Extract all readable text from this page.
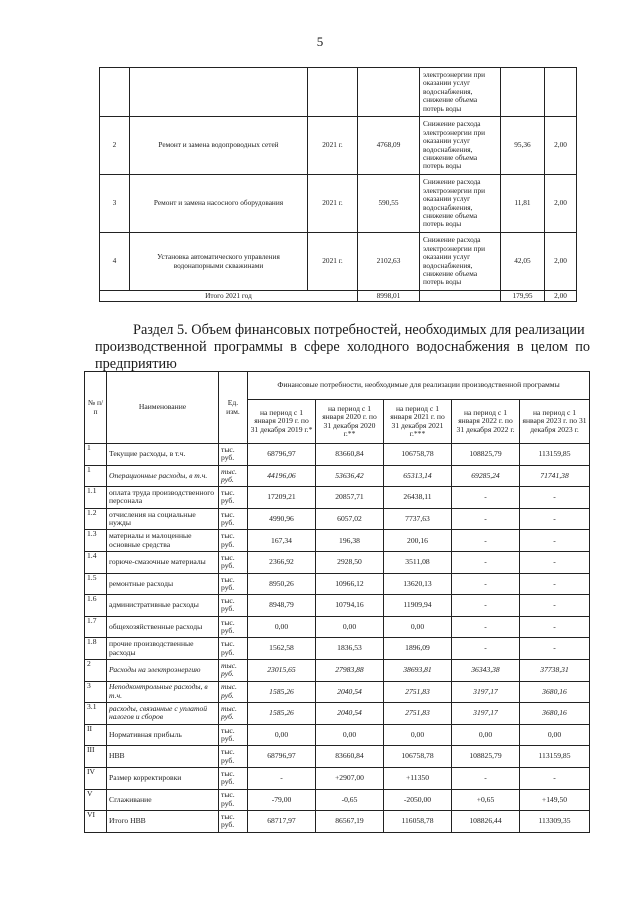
5
				электроэнергии при оказании услуг водоснабжения, снижение объема потерь воды		
2	Ремонт и замена водопроводных сетей	2021 г.	4768,09	Снижение расхода электроэнергии при оказании услуг водоснабжения, снижение объема потерь воды	95,36	2,00
3	Ремонт и замена насосного оборудования	2021 г.	590,55	Снижение расхода электроэнергии при оказании услуг водоснабжения, снижение объема потерь воды	11,81	2,00
4	Установка автоматического управления водонапорными скважинами	2021 г.	2102,63	Снижение расхода электроэнергии при оказании услуг водоснабжения, снижение объема потерь воды	42,05	2,00
Итого 2021 год			8998,01		179,95	2,00
Раздел 5. Объем финансовых потребностей, необходимых для реализации
производственной программы в сфере холодного водоснабжения в целом по предприятию
№ п/п	Наименование	Ед. изм.	Финансовые потребности, необходимые для реализации производственной программы				
			на период с 1 января 2019 г. по 31 декабря 2019 г.*	на период с 1 января 2020 г. по 31 декабря 2020 г.**	на период с 1 января 2021 г. по 31 декабря 2021 г.***	на период с 1 января 2022 г. по 31 декабря 2022 г.	на период с 1 января 2023 г. по 31 декабря 2023 г.
1	Текущие расходы, в т.ч.	тыс. руб.	68796,97	83660,84	106758,78	108825,79	113159,85
1	Операционные расходы, в т.ч.	тыс. руб.	44196,06	53636,42	65313,14	69285,24	71741,38
1.1	оплата труда производственного персонала	тыс. руб.	17209,21	20857,71	26438,11	-	-
1.2	отчисления на социальные нужды	тыс. руб.	4990,96	6057,02	7737,63	-	-
1.3	материалы и малоценные основные средства	тыс. руб.	167,34	196,38	200,16	-	-
1.4	горюче-смазочные материалы	тыс. руб.	2366,92	2928,50	3511,08	-	-
1.5	ремонтные расходы	тыс. руб.	8950,26	10966,12	13620,13	-	-
1.6	административные расходы	тыс. руб.	8948,79	10794,16	11909,94	-	-
1.7	общехозяйственные расходы	тыс. руб.	0,00	0,00	0,00	-	-
1.8	прочие производственные расходы	тыс. руб.	1562,58	1836,53	1896,09	-	-
2	Расходы на электроэнергию	тыс. руб.	23015,65	27983,88	38693,81	36343,38	37738,31
3	Неподконтрольные расходы, в т.ч.	тыс. руб.	1585,26	2040,54	2751,83	3197,17	3680,16
3.1	расходы, связанные с уплатой налогов и сборов	тыс. руб.	1585,26	2040,54	2751,83	3197,17	3680,16
II	Нормативная прибыль	тыс. руб.	0,00	0,00	0,00	0,00	0,00
III	НВВ	тыс. руб.	68796,97	83660,84	106758,78	108825,79	113159,85
IV	Размер корректировки	тыс. руб.	-	+2907,00	+11350	-	-
V	Сглаживание	тыс. руб.	-79,00	-0,65	-2050,00	+0,65	+149,50
VI	Итого НВВ	тыс. руб.	68717,97	86567,19	116058,78	108826,44	113309,35
